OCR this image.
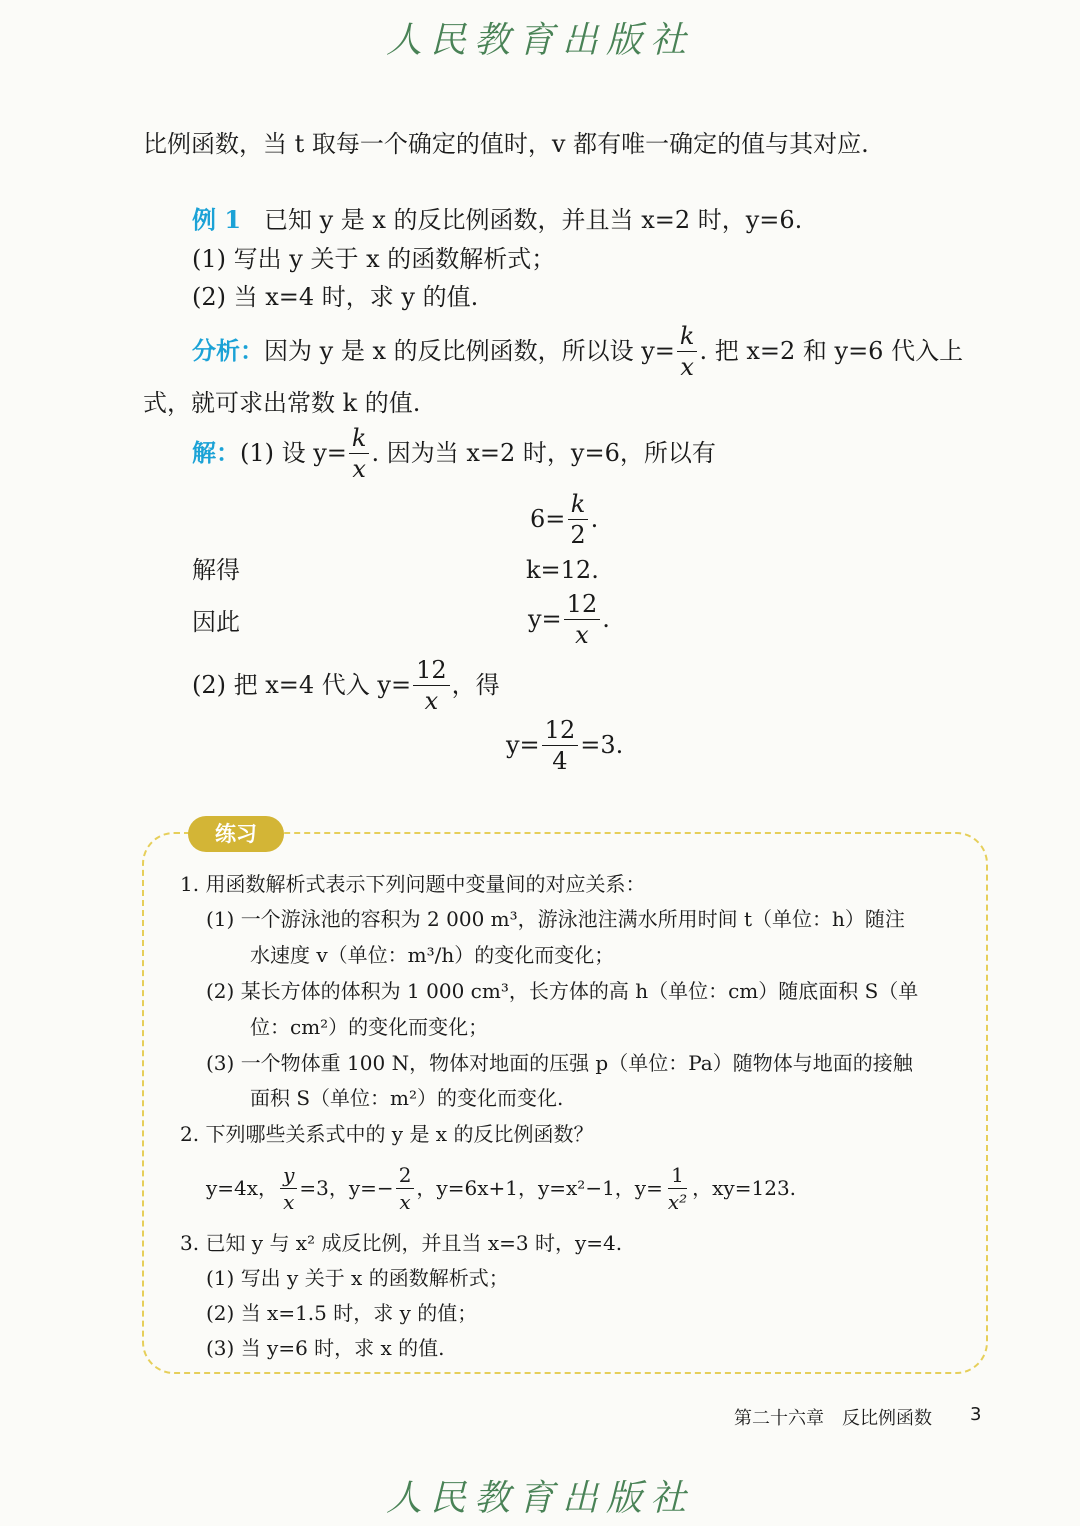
人民教育出版社
比例函数，当 t 取每一个确定的值时，v 都有唯一确定的值与其对应.
例 1 已知 y 是 x 的反比例函数，并且当 x=2 时，y=6.
(1) 写出 y 关于 x 的函数解析式；
(2) 当 x=4 时，求 y 的值.
分析： 因为 y 是 x 的反比例函数，所以设 $y= \frac{k}{x}$ . 把 x=2 和 y=6 代入上
式，就可求出常数 k 的值.
解： (1) 设 $y= \frac{k}{x}$ . 因为当 x=2 时，y=6，所以有
$6= \frac{k}{2}$ .
解得	k=12.
因此	$y= \frac{12}{x}$ .
(2) 把 x=4 代入 $y= \frac{12}{x}$ ，得
$y= \frac{12}{4} =3$.
练习
1. 用函数解析式表示下列问题中变量间的对应关系：
(1) 一个游泳池的容积为 2 000 m³，游泳池注满水所用时间 t（单位：h）随注
水速度 v（单位：m³/h）的变化而变化；
(2) 某长方体的体积为 1 000 cm³，长方体的高 h（单位：cm）随底面积 S（单
位：cm²）的变化而变化；
(3) 一个物体重 100 N，物体对地面的压强 p（单位：Pa）随物体与地面的接触
面积 S（单位：m²）的变化而变化.
2. 下列哪些关系式中的 y 是 x 的反比例函数？
y=4x， $\frac{y}{x} =3$， $y=- \frac{2}{x}$ ，y=6x+1，y=x²−1，$y= \frac{1}{\text{x²}}$ ，xy=123.
3. 已知 y 与 x² 成反比例，并且当 x=3 时，y=4.
(1) 写出 y 关于 x 的函数解析式；
(2) 当 x=1.5 时，求 y 的值；
(3) 当 y=6 时，求 x 的值.
第二十六章　反比例函数 3
人民教育出版社
